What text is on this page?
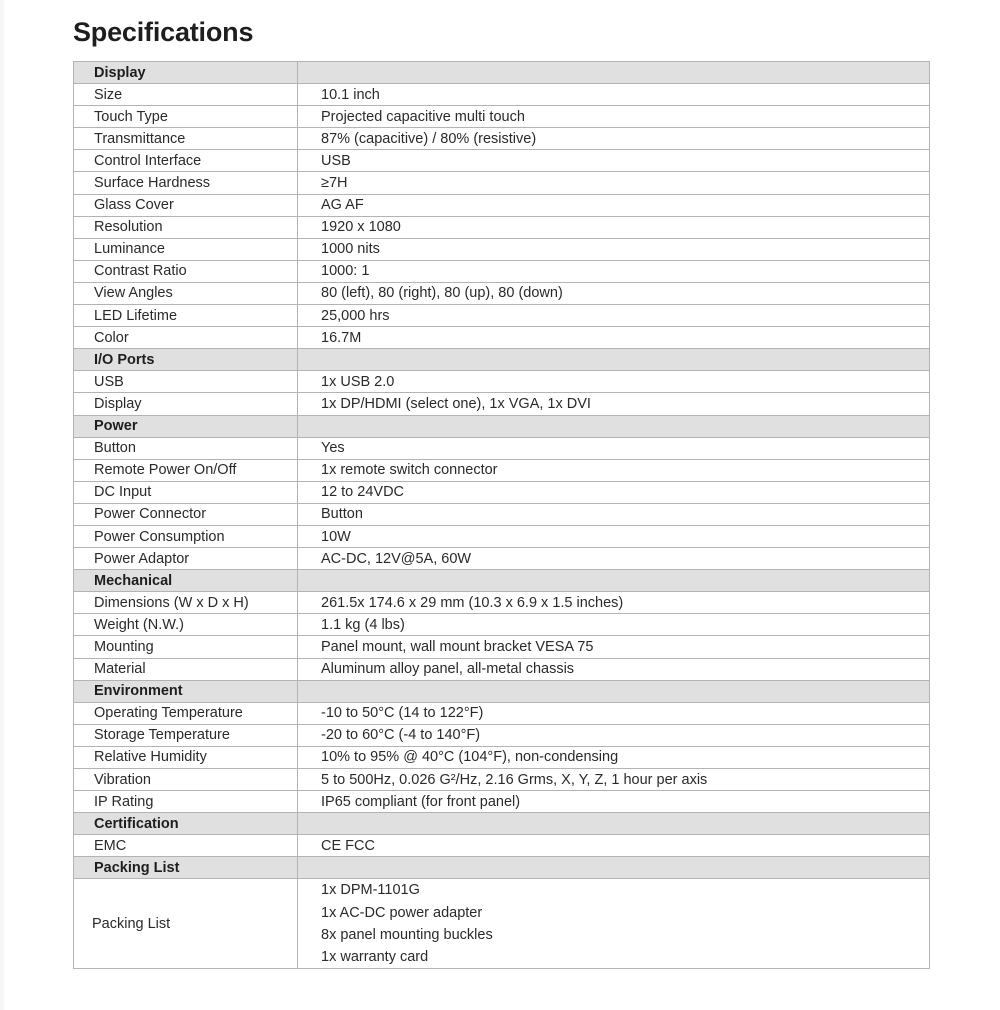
Specifications
Display	
Size	10.1 inch
Touch Type	Projected capacitive multi touch
Transmittance	87% (capacitive) / 80% (resistive)
Control Interface	USB
Surface Hardness	≥7H
Glass Cover	AG AF
Resolution	1920 x 1080
Luminance	1000 nits
Contrast Ratio	1000: 1
View Angles	80 (left), 80 (right), 80 (up), 80 (down)
LED Lifetime	25,000 hrs
Color	16.7M
I/O Ports	
USB	1x USB 2.0
Display	1x DP/HDMI (select one), 1x VGA, 1x DVI
Power	
Button	Yes
Remote Power On/Off	1x remote switch connector
DC Input	12 to 24VDC
Power Connector	Button
Power Consumption	10W
Power Adaptor	AC-DC, 12V@5A, 60W
Mechanical	
Dimensions (W x D x H)	261.5x 174.6 x 29 mm (10.3 x 6.9 x 1.5 inches)
Weight (N.W.)	1.1 kg (4 lbs)
Mounting	Panel mount, wall mount bracket VESA 75
Material	Aluminum alloy panel, all-metal chassis
Environment	
Operating Temperature	-10 to 50°C (14 to 122°F)
Storage Temperature	-20 to 60°C (-4 to 140°F)
Relative Humidity	10% to 95% @ 40°C (104°F), non-condensing
Vibration	5 to 500Hz, 0.026 G²/Hz, 2.16 Grms, X, Y, Z, 1 hour per axis
IP Rating	IP65 compliant (for front panel)
Certification	
EMC	CE FCC
Packing List	
Packing List	1x DPM-1101G
1x AC-DC power adapter
8x panel mounting buckles
1x warranty card
